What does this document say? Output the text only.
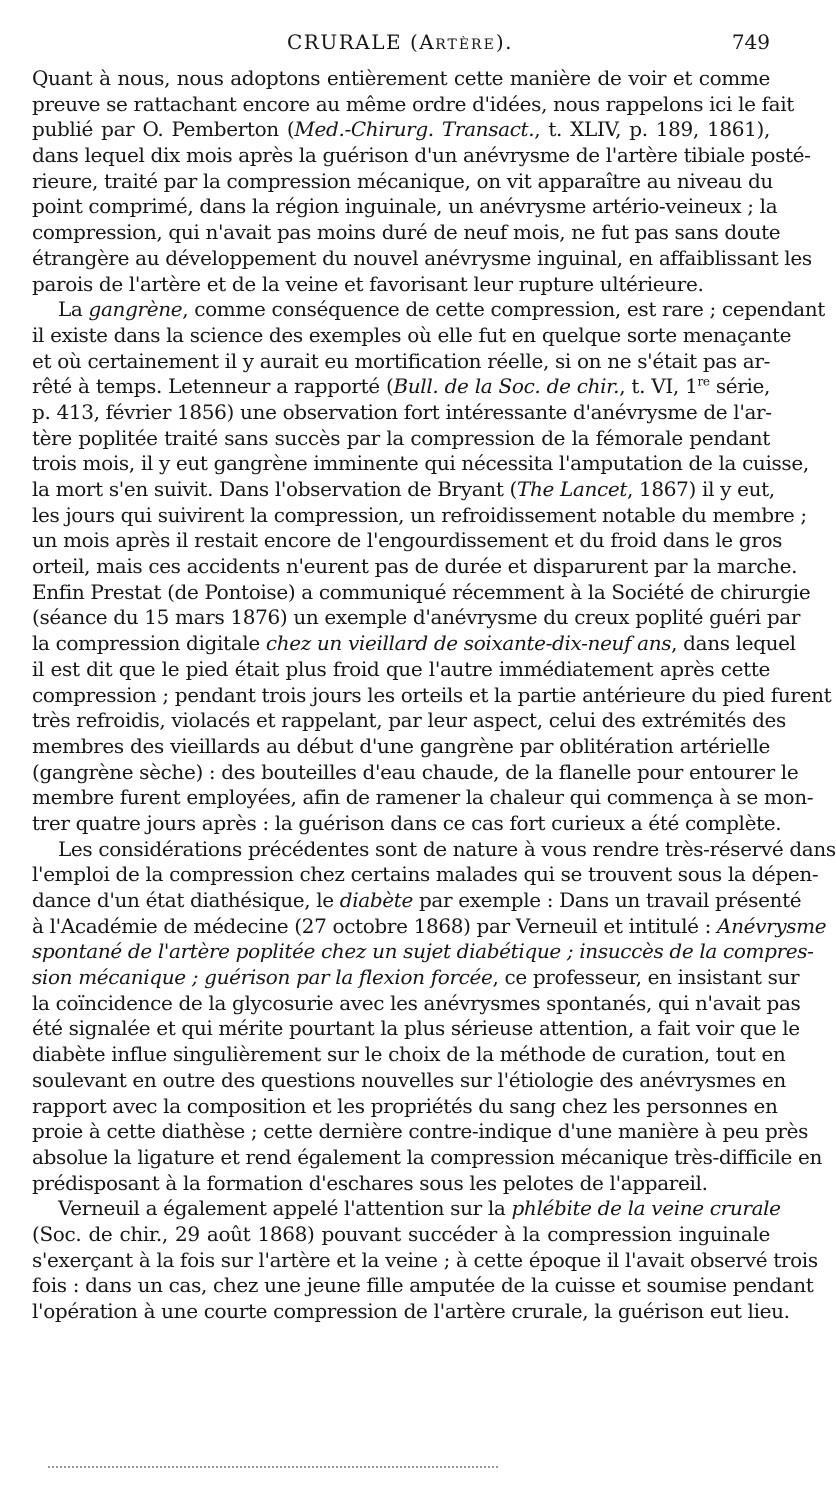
CRURALE (ARTÈRE).	749
Quant à nous, nous adoptons entièrement cette manière de voir et comme
preuve se rattachant encore au même ordre d'idées, nous rappelons ici le fait
publié par O. Pemberton (Med.-Chirurg. Transact., t. XLIV, p. 189, 1861),
dans lequel dix mois après la guérison d'un anévrysme de l'artère tibiale posté-
rieure, traité par la compression mécanique, on vit apparaître au niveau du
point comprimé, dans la région inguinale, un anévrysme artério-veineux ; la
compression, qui n'avait pas moins duré de neuf mois, ne fut pas sans doute
étrangère au développement du nouvel anévrysme inguinal, en affaiblissant les
parois de l'artère et de la veine et favorisant leur rupture ultérieure.
La gangrène, comme conséquence de cette compression, est rare ; cependant
il existe dans la science des exemples où elle fut en quelque sorte menaçante
et où certainement il y aurait eu mortification réelle, si on ne s'était pas ar-
rêté à temps. Letenneur a rapporté (Bull. de la Soc. de chir., t. VI, 1re série,
p. 413, février 1856) une observation fort intéressante d'anévrysme de l'ar-
tère poplitée traité sans succès par la compression de la fémorale pendant
trois mois, il y eut gangrène imminente qui nécessita l'amputation de la cuisse,
la mort s'en suivit. Dans l'observation de Bryant (The Lancet, 1867) il y eut,
les jours qui suivirent la compression, un refroidissement notable du membre ;
un mois après il restait encore de l'engourdissement et du froid dans le gros
orteil, mais ces accidents n'eurent pas de durée et disparurent par la marche.
Enfin Prestat (de Pontoise) a communiqué récemment à la Société de chirurgie
(séance du 15 mars 1876) un exemple d'anévrysme du creux poplité guéri par
la compression digitale chez un vieillard de soixante-dix-neuf ans, dans lequel
il est dit que le pied était plus froid que l'autre immédiatement après cette
compression ; pendant trois jours les orteils et la partie antérieure du pied furent
très refroidis, violacés et rappelant, par leur aspect, celui des extrémités des
membres des vieillards au début d'une gangrène par oblitération artérielle
(gangrène sèche) : des bouteilles d'eau chaude, de la flanelle pour entourer le
membre furent employées, afin de ramener la chaleur qui commença à se mon-
trer quatre jours après : la guérison dans ce cas fort curieux a été complète.
Les considérations précédentes sont de nature à vous rendre très-réservé dans
l'emploi de la compression chez certains malades qui se trouvent sous la dépen-
dance d'un état diathésique, le diabète par exemple : Dans un travail présenté
à l'Académie de médecine (27 octobre 1868) par Verneuil et intitulé : Anévrysme
spontané de l'artère poplitée chez un sujet diabétique ; insuccès de la compres-
sion mécanique ; guérison par la flexion forcée, ce professeur, en insistant sur
la coïncidence de la glycosurie avec les anévrysmes spontanés, qui n'avait pas
été signalée et qui mérite pourtant la plus sérieuse attention, a fait voir que le
diabète influe singulièrement sur le choix de la méthode de curation, tout en
soulevant en outre des questions nouvelles sur l'étiologie des anévrysmes en
rapport avec la composition et les propriétés du sang chez les personnes en
proie à cette diathèse ; cette dernière contre-indique d'une manière à peu près
absolue la ligature et rend également la compression mécanique très-difficile en
prédisposant à la formation d'eschares sous les pelotes de l'appareil.
Verneuil a également appelé l'attention sur la phlébite de la veine crurale
(Soc. de chir., 29 août 1868) pouvant succéder à la compression inguinale
s'exerçant à la fois sur l'artère et la veine ; à cette époque il l'avait observé trois
fois : dans un cas, chez une jeune fille amputée de la cuisse et soumise pendant
l'opération à une courte compression de l'artère crurale, la guérison eut lieu.
